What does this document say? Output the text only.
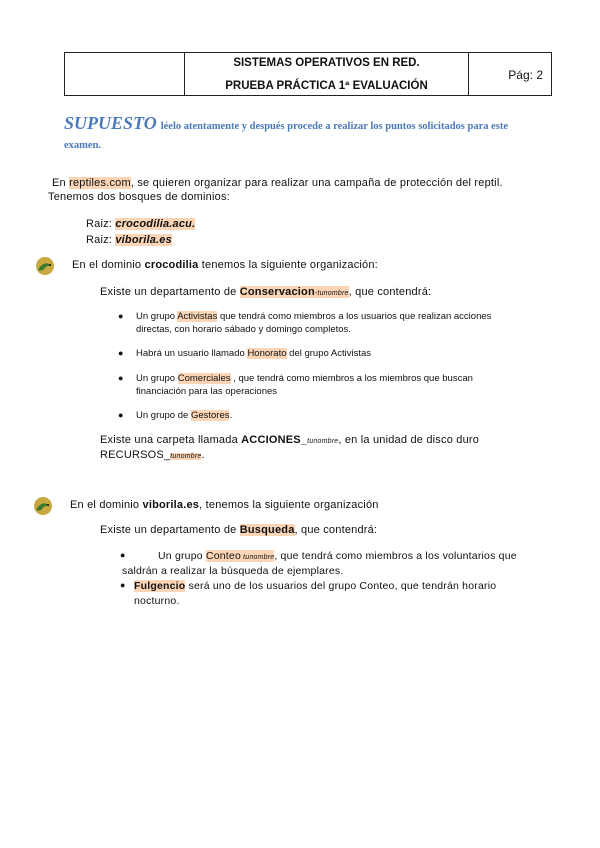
SISTEMAS OPERATIVOS EN RED.
PRUEBA PRÁCTICA 1ª EVALUACIÓN
Pág: 2
SUPUESTO léelo atentamente y después procede a realizar los puntos solicitados para este examen.
En reptiles.com, se quieren organizar para realizar una campaña de protección del reptil.
Tenemos dos bosques de dominios:
Raiz: crocodilia.acu.
Raiz: viborila.es
En el dominio crocodilia tenemos la siguiente organización:
Existe un departamento de Conservacion-tunombre, que contendrá:
● Un grupo Activistas que tendrá como miembros a los usuarios que realizan acciones
directas, con horario sábado y domingo completos.
● Habrá un usuario llamado Honorato del grupo Activistas
● Un grupo Comerciales , que tendrá como miembros a los miembros que buscan
financiación para las operaciones
● Un grupo de Gestores.
Existe una carpeta llamada ACCIONES_tunombre, en la unidad de disco duro
RECURSOS_tunombre.
En el dominio viborila.es, tenemos la siguiente organización
Existe un departamento de Busqueda, que contendrá:
●	Un grupo Conteo tunombre, que tendrá como miembros a los voluntarios que
saldrán a realizar la búsqueda de ejemplares.
● Fulgencio será uno de los usuarios del grupo Conteo, que tendrán horario
nocturno.
